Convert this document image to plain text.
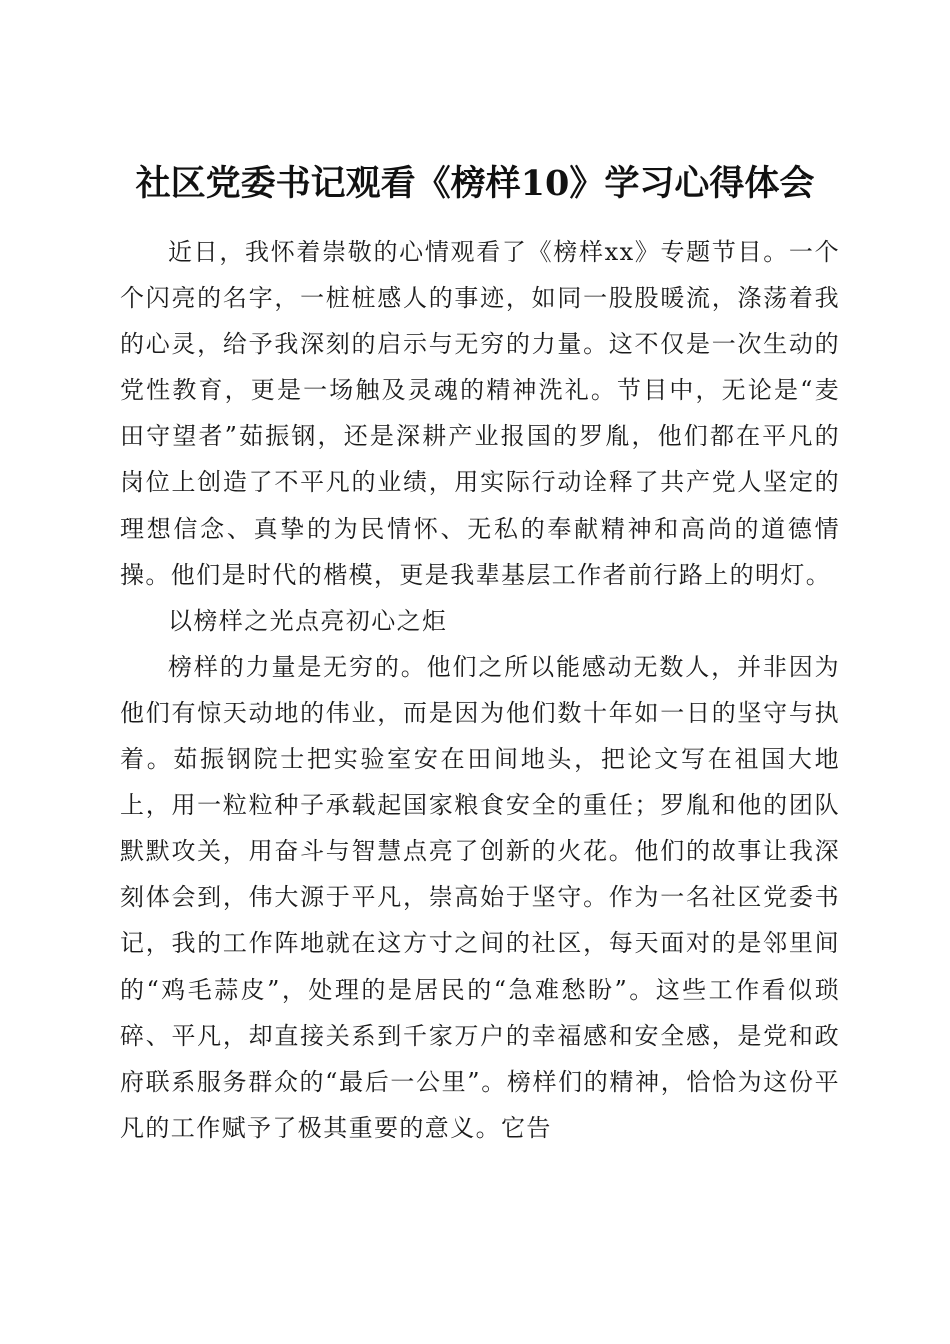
社区党委书记观看《榜样10》学习心得体会

近日，我怀着崇敬的心情观看了《榜样xx》专题节目。一个个闪亮的名字，一桩桩感人的事迹，如同一股股暖流，涤荡着我的心灵，给予我深刻的启示与无穷的力量。这不仅是一次生动的党性教育，更是一场触及灵魂的精神洗礼。节目中，无论是“麦田守望者”茹振钢，还是深耕产业报国的罗胤，他们都在平凡的岗位上创造了不平凡的业绩，用实际行动诠释了共产党人坚定的理想信念、真挚的为民情怀、无私的奉献精神和高尚的道德情操。他们是时代的楷模，更是我辈基层工作者前行路上的明灯。

以榜样之光点亮初心之炬

榜样的力量是无穷的。他们之所以能感动无数人，并非因为他们有惊天动地的伟业，而是因为他们数十年如一日的坚守与执着。茹振钢院士把实验室安在田间地头，把论文写在祖国大地上，用一粒粒种子承载起国家粮食安全的重任；罗胤和他的团队默默攻关，用奋斗与智慧点亮了创新的火花。他们的故事让我深刻体会到，伟大源于平凡，崇高始于坚守。作为一名社区党委书记，我的工作阵地就在这方寸之间的社区，每天面对的是邻里间的“鸡毛蒜皮”，处理的是居民的“急难愁盼”。这些工作看似琐碎、平凡，却直接关系到千家万户的幸福感和安全感，是党和政府联系服务群众的“最后一公里”。榜样们的精神，恰恰为这份平凡的工作赋予了极其重要的意义。它告
